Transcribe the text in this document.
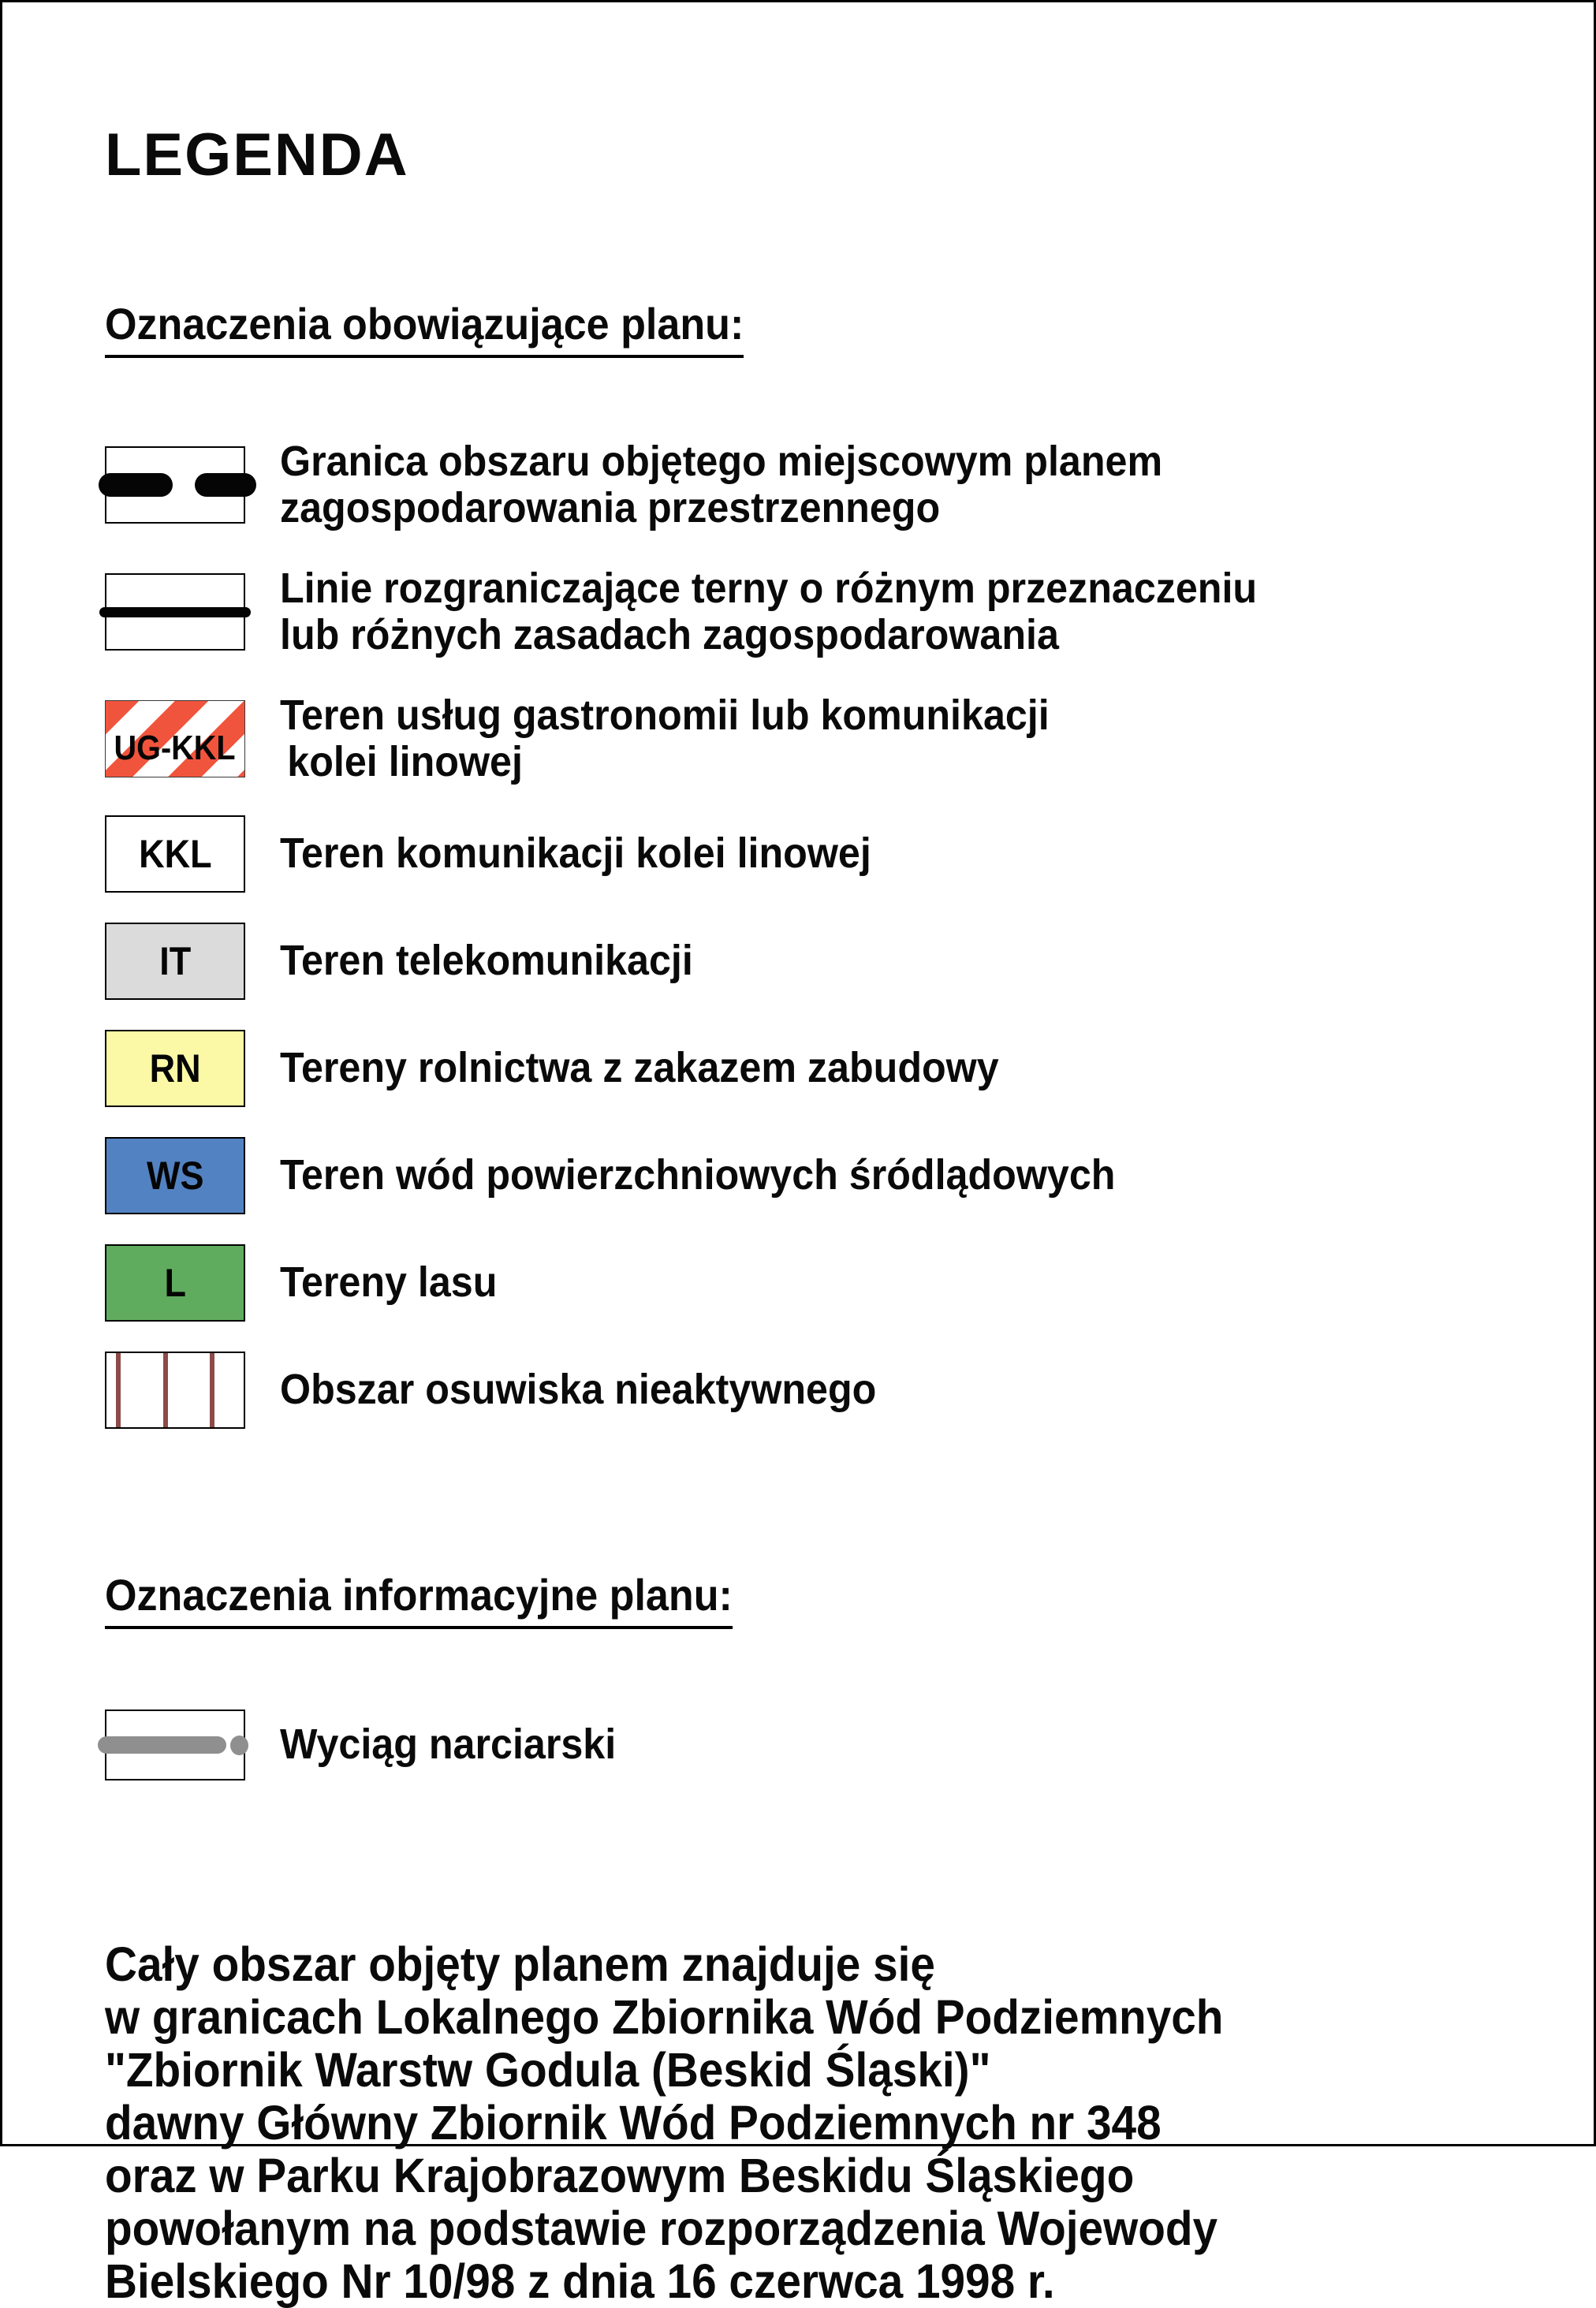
LEGENDA
Oznaczenia obowiązujące planu:
Granica obszaru objętego miejscowym planem
zagospodarowania przestrzennego
Linie rozgraniczające terny o różnym przeznaczeniu
lub różnych zasadach zagospodarowania
UG-KKL
Teren usług gastronomii lub komunikacji
kolei linowej
KKL Teren komunikacji kolei linowej
IT Teren telekomunikacji
RN Tereny rolnictwa z zakazem zabudowy
WS Teren wód powierzchniowych śródlądowych
L Tereny lasu
Obszar osuwiska nieaktywnego
Oznaczenia informacyjne planu:
Wyciąg narciarski
Cały obszar objęty planem znajduje się
w granicach Lokalnego Zbiornika Wód Podziemnych
"Zbiornik Warstw Godula (Beskid Śląski)"
dawny Główny Zbiornik Wód Podziemnych nr 348
oraz w Parku Krajobrazowym Beskidu Śląskiego
powołanym na podstawie rozporządzenia Wojewody
Bielskiego Nr 10/98 z dnia 16 czerwca 1998 r.
